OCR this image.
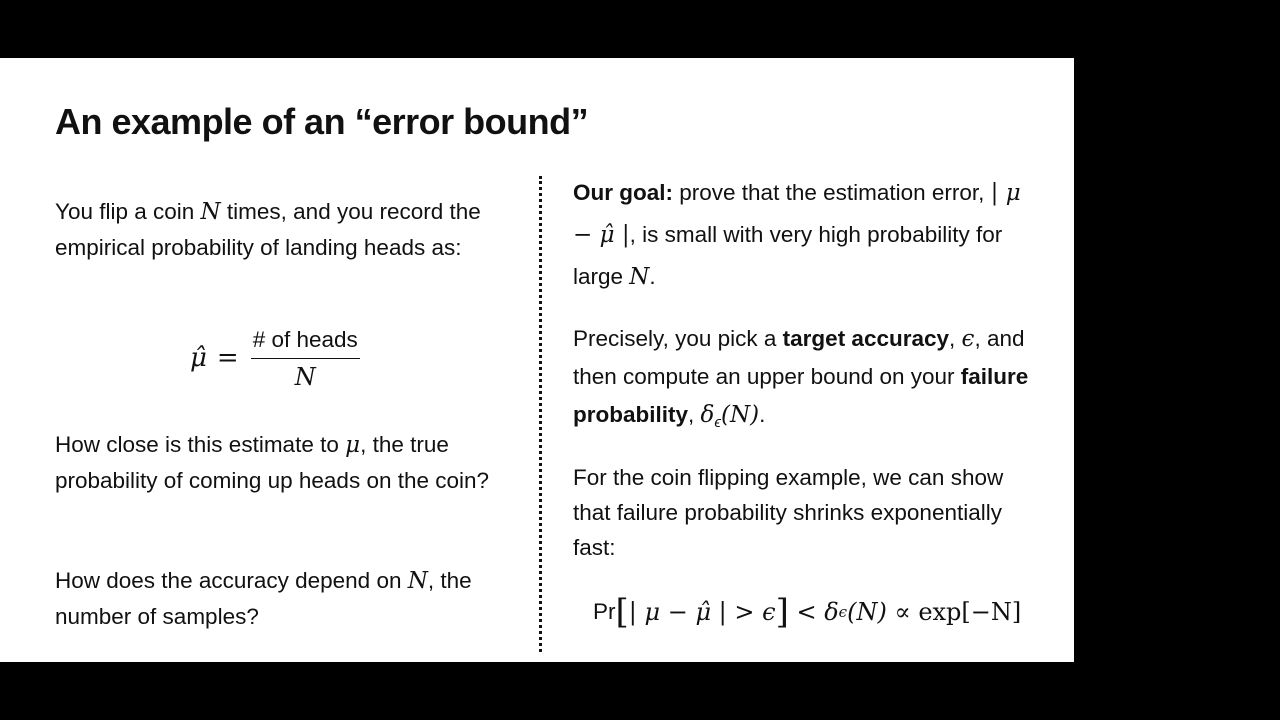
An example of an “error bound”

You flip a coin N times, and you record the empirical probability of landing heads as:

μ̂ = $\frac{\text{\# of heads}}{N}$

How close is this estimate to μ, the true probability of coming up heads on the coin?

How does the accuracy depend on N, the number of samples?

Our goal: prove that the estimation error, | μ − μ̂ |, is small with very high probability for large N.

Precisely, you pick a target accuracy, ϵ, and then compute an upper bound on your failure probability, $\delta_\epsilon(N)$.

For the coin flipping example, we can show that failure probability shrinks exponentially fast:

Pr [ | μ − μ̂ | > ϵ ] < δ ϵ (N) ∝ exp[−N]
